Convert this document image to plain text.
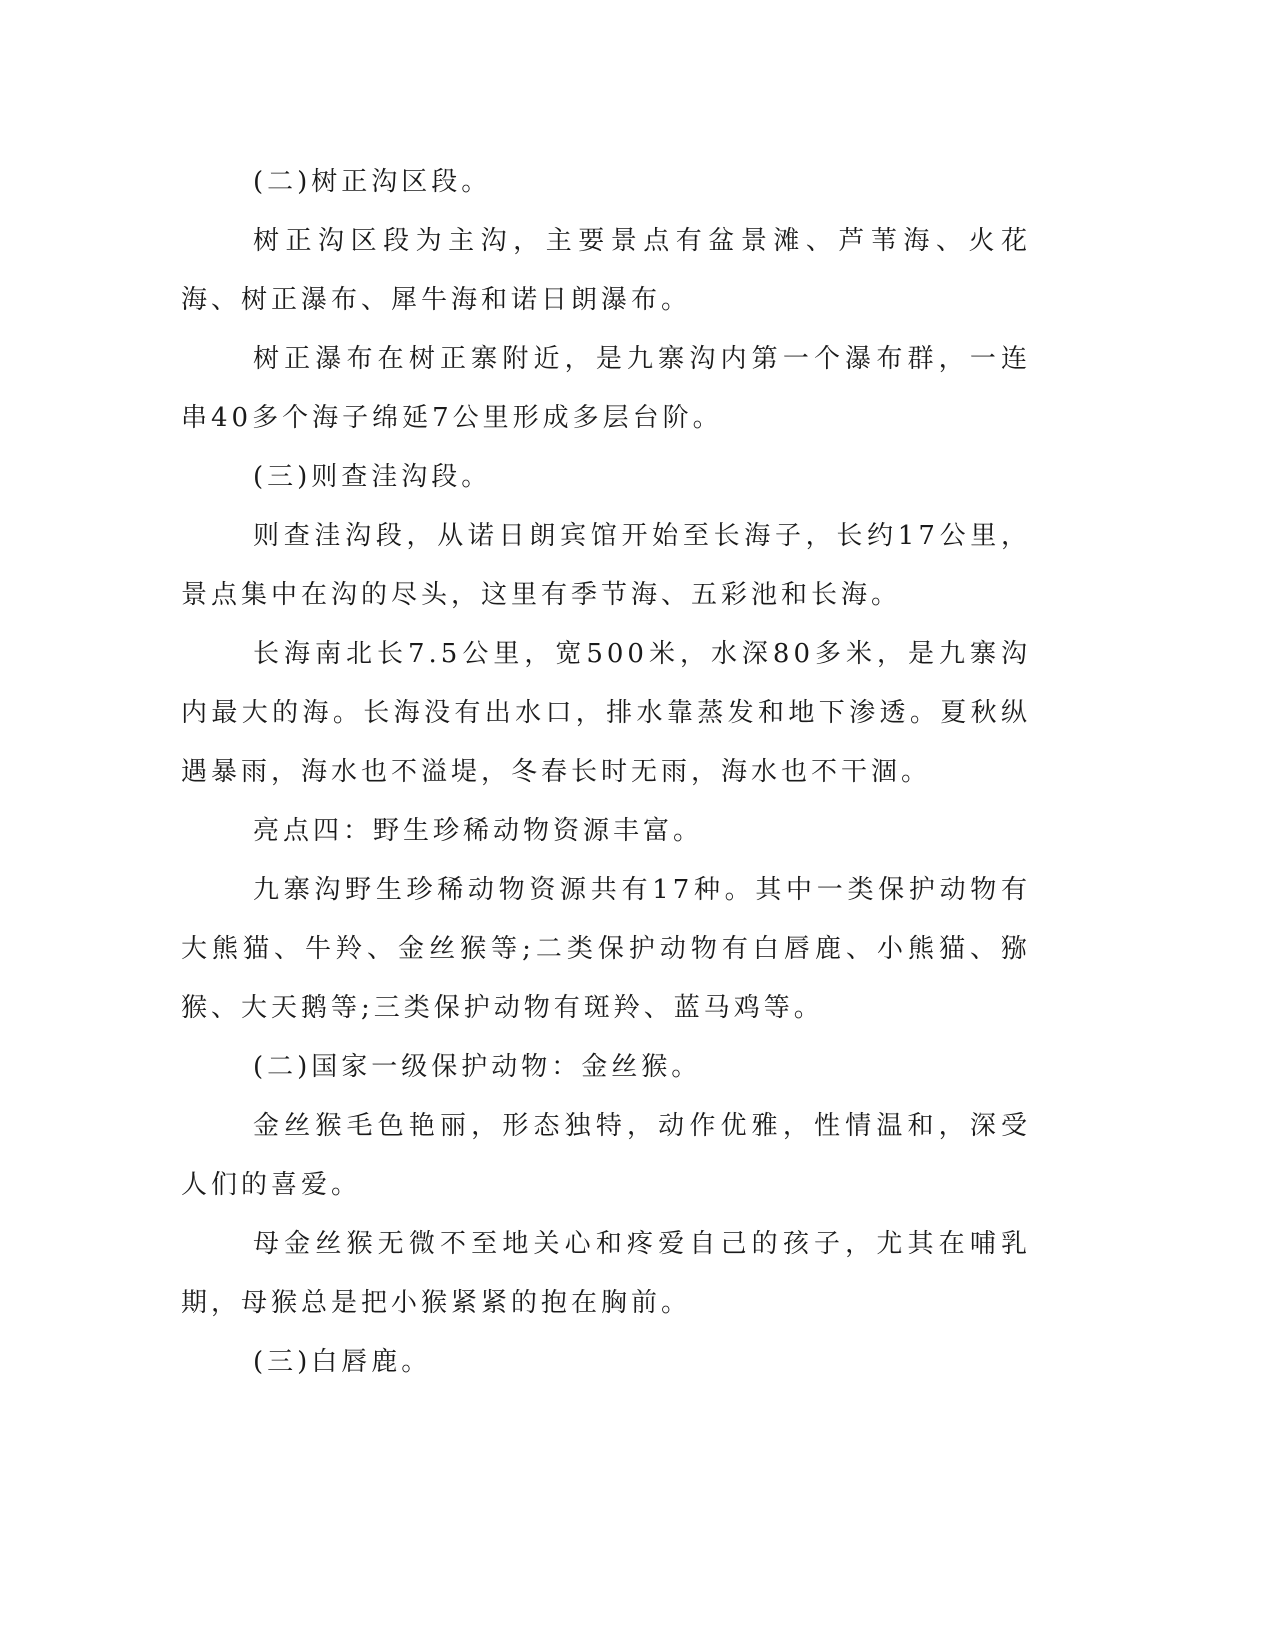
(二)树正沟区段。

树正沟区段为主沟，主要景点有盆景滩、芦苇海、火花海、树正瀑布、犀牛海和诺日朗瀑布。

树正瀑布在树正寨附近，是九寨沟内第一个瀑布群，一连串40多个海子绵延7公里形成多层台阶。

(三)则查洼沟段。

则查洼沟段，从诺日朗宾馆开始至长海子，长约17公里，景点集中在沟的尽头，这里有季节海、五彩池和长海。

长海南北长7.5公里，宽500米，水深80多米，是九寨沟内最大的海。长海没有出水口，排水靠蒸发和地下渗透。夏秋纵遇暴雨，海水也不溢堤，冬春长时无雨，海水也不干涸。

亮点四：野生珍稀动物资源丰富。

九寨沟野生珍稀动物资源共有17种。其中一类保护动物有大熊猫、牛羚、金丝猴等;二类保护动物有白唇鹿、小熊猫、猕猴、大天鹅等;三类保护动物有斑羚、蓝马鸡等。

(二)国家一级保护动物：金丝猴。

金丝猴毛色艳丽，形态独特，动作优雅，性情温和，深受人们的喜爱。

母金丝猴无微不至地关心和疼爱自己的孩子，尤其在哺乳期，母猴总是把小猴紧紧的抱在胸前。

(三)白唇鹿。
